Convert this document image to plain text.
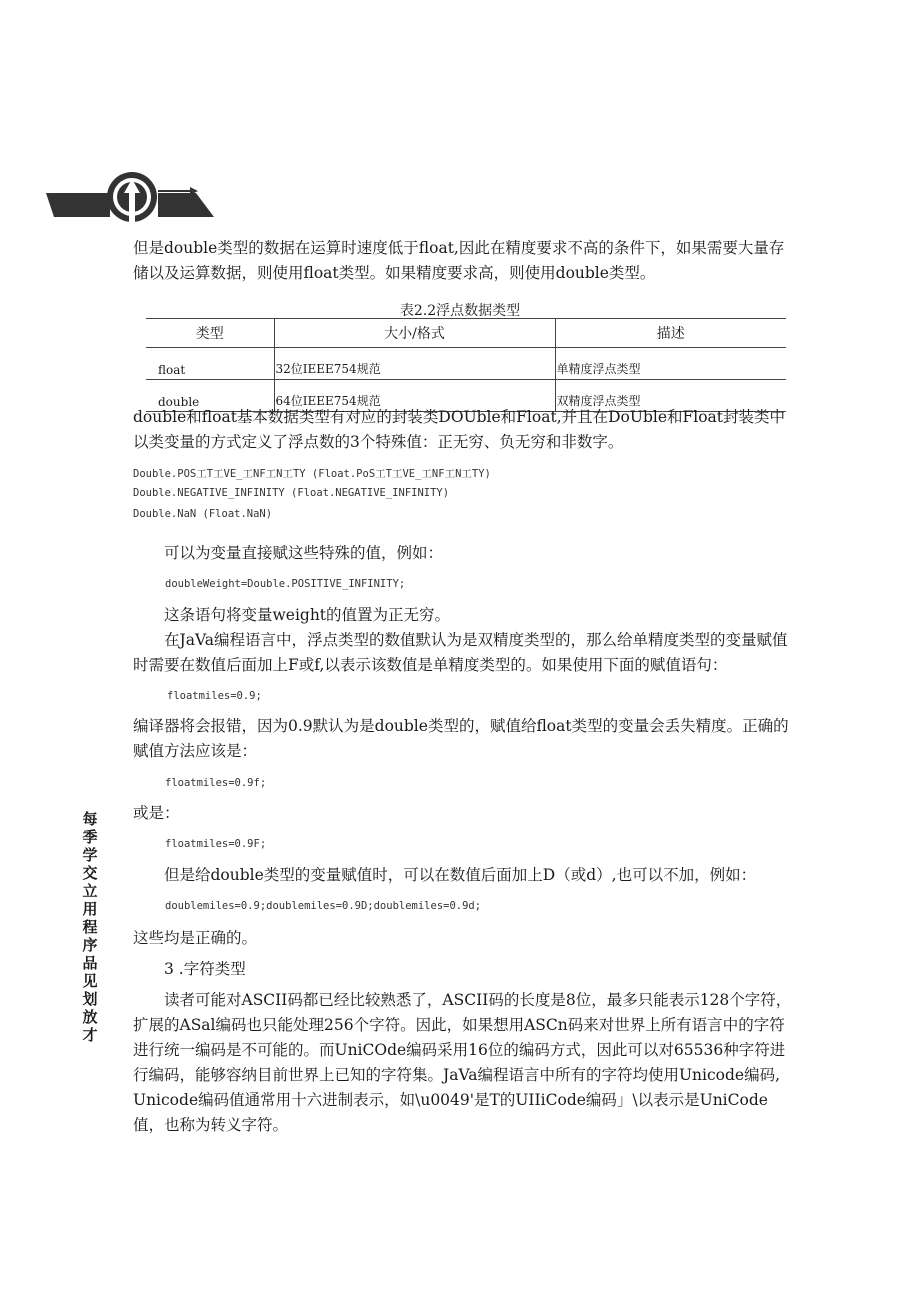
但是double类型的数据在运算时速度低于float,因此在精度要求不高的条件下，如果需要大量存储以及运算数据，则使用float类型。如果精度要求高，则使用double类型。

表2.2浮点数据类型
类型	大小/格式	描述
float	32位IEEE754规范	单精度浮点类型
double	64位IEEE754规范	双精度浮点类型

double和float基本数据类型有对应的封装类DOUble和Float,并且在DoUble和Float封装类中以类变量的方式定义了浮点数的3个特殊值：正无穷、负无穷和非数字。

Double.POS工T工VE_工NF工N工TY (Float.PoS工T工VE_工NF工N工TY)
Double.NEGATIVE_INFINITY (Float.NEGATIVE_INFINITY)
Double.NaN (Float.NaN)

可以为变量直接赋这些特殊的值，例如：

doubleWeight=Double.POSITIVE_INFINITY;

这条语句将变量weight的值置为正无穷。

在JaVa编程语言中，浮点类型的数值默认为是双精度类型的，那么给单精度类型的变量赋值时需要在数值后面加上F或f,以表示该数值是单精度类型的。如果使用下面的赋值语句：

floatmiles=0.9;

编译器将会报错，因为0.9默认为是double类型的，赋值给float类型的变量会丢失精度。正确的赋值方法应该是：

floatmiles=0.9f;

或是：

floatmiles=0.9F;

但是给double类型的变量赋值时，可以在数值后面加上D（或d）,也可以不加，例如：

doublemiles=0.9;doublemiles=0.9D;doublemiles=0.9d;

这些均是正确的。

3 .字符类型

读者可能对ASCII码都已经比较熟悉了，ASCII码的长度是8位，最多只能表示128个字符，扩展的ASal编码也只能处理256个字符。因此，如果想用ASCn码来对世界上所有语言中的字符进行统一编码是不可能的。而UniCOde编码采用16位的编码方式，因此可以对65536种字符进行编码，能够容纳目前世界上已知的字符集。JaVa编程语言中所有的字符均使用Unicode编码, Unicode编码值通常用十六进制表示，如\u0049'是T的UIIiCode编码」\以表示是UniCode值，也称为转义字符。

每季学交立用程序品见划放才
